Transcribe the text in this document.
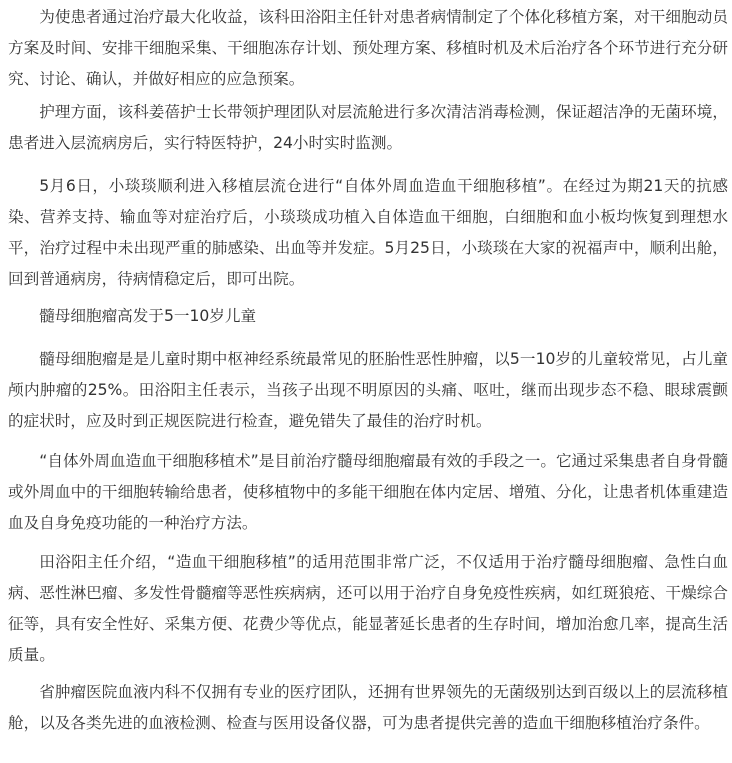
为使患者通过治疗最大化收益，该科田浴阳主任针对患者病情制定了个体化移植方案，对干细胞动员方案及时间、安排干细胞采集、干细胞冻存计划、预处理方案、移植时机及术后治疗各个环节进行充分研究、讨论、确认，并做好相应的应急预案。

护理方面，该科姜蓓护士长带领护理团队对层流舱进行多次清洁消毒检测，保证超洁净的无菌环境，患者进入层流病房后，实行特医特护，24小时实时监测。

5月6日，小琰琰顺利进入移植层流仓进行“自体外周血造血干细胞移植”。在经过为期21天的抗感染、营养支持、输血等对症治疗后，小琰琰成功植入自体造血干细胞，白细胞和血小板均恢复到理想水平，治疗过程中未出现严重的肺感染、出血等并发症。5月25日，小琰琰在大家的祝福声中，顺利出舱，回到普通病房，待病情稳定后，即可出院。

髓母细胞瘤高发于5一10岁儿童

髓母细胞瘤是是儿童时期中枢神经系统最常见的胚胎性恶性肿瘤，以5一10岁的儿童较常见，占儿童颅内肿瘤的25%。田浴阳主任表示，当孩子出现不明原因的头痛、呕吐，继而出现步态不稳、眼球震颤的症状时，应及时到正规医院进行检查，避免错失了最佳的治疗时机。

“自体外周血造血干细胞移植术”是目前治疗髓母细胞瘤最有效的手段之一。它通过采集患者自身骨髓或外周血中的干细胞转输给患者，使移植物中的多能干细胞在体内定居、增殖、分化，让患者机体重建造血及自身免疫功能的一种治疗方法。

田浴阳主任介绍，“造血干细胞移植”的适用范围非常广泛，不仅适用于治疗髓母细胞瘤、急性白血病、恶性淋巴瘤、多发性骨髓瘤等恶性疾病病，还可以用于治疗自身免疫性疾病，如红斑狼疮、干燥综合征等，具有安全性好、采集方便、花费少等优点，能显著延长患者的生存时间，增加治愈几率，提高生活质量。

省肿瘤医院血液内科不仅拥有专业的医疗团队，还拥有世界领先的无菌级别达到百级以上的层流移植舱，以及各类先进的血液检测、检查与医用设备仪器，可为患者提供完善的造血干细胞移植治疗条件。
